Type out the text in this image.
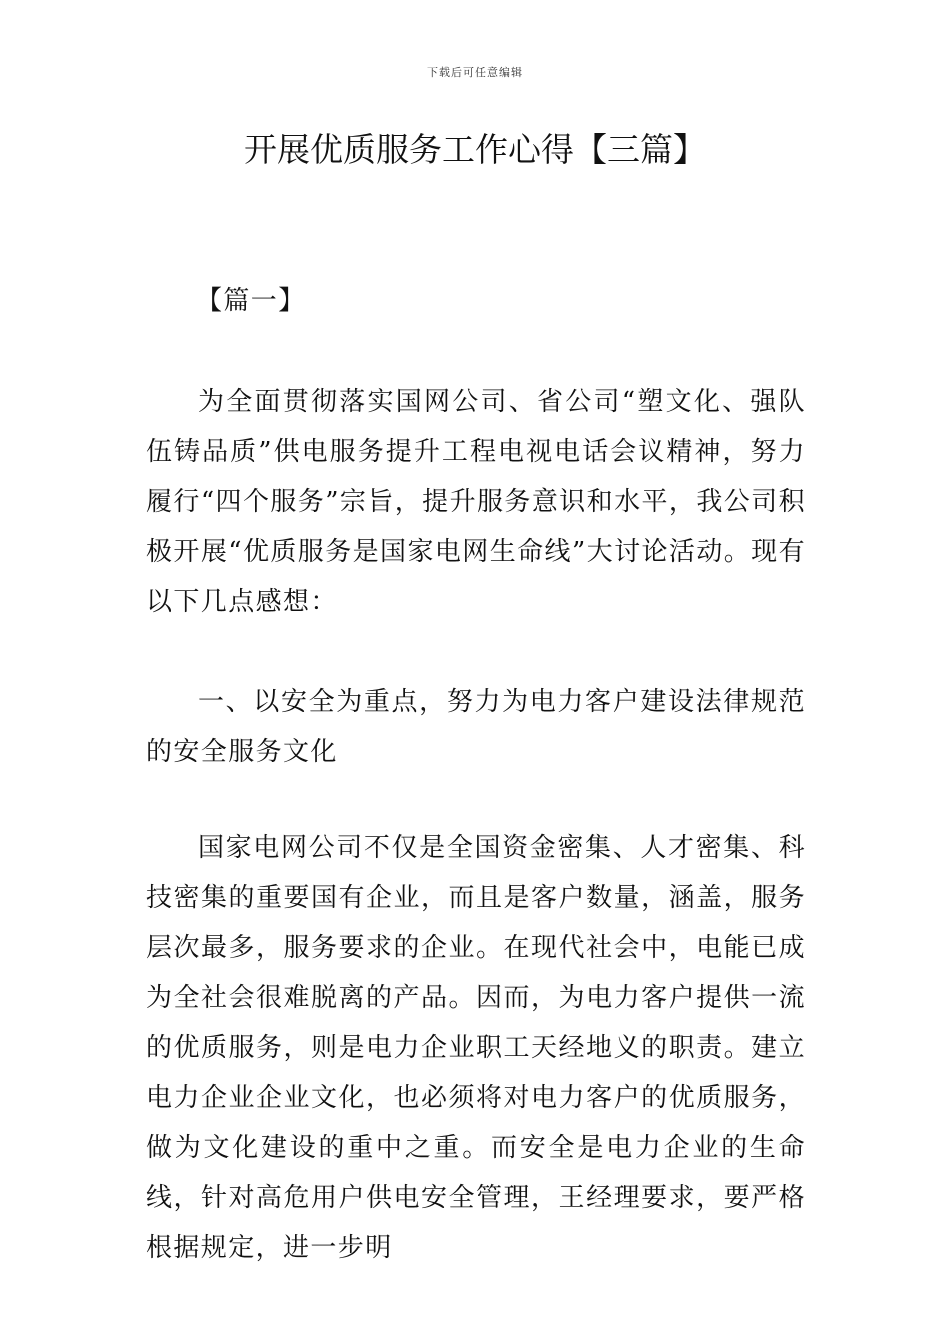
下载后可任意编辑
开展优质服务工作心得【三篇】

【篇一】

为全面贯彻落实国网公司、省公司“塑文化、强队伍铸品质”供电服务提升工程电视电话会议精神，努力履行“四个服务”宗旨，提升服务意识和水平，我公司积极开展“优质服务是国家电网生命线”大讨论活动。现有以下几点感想：

一、以安全为重点，努力为电力客户建设法律规范的安全服务文化

国家电网公司不仅是全国资金密集、人才密集、科技密集的重要国有企业，而且是客户数量，涵盖，服务层次最多，服务要求的企业。在现代社会中，电能已成为全社会很难脱离的产品。因而，为电力客户提供一流的优质服务，则是电力企业职工天经地义的职责。建立电力企业企业文化，也必须将对电力客户的优质服务，做为文化建设的重中之重。而安全是电力企业的生命线，针对高危用户供电安全管理，王经理要求，要严格根据规定，进一步明
